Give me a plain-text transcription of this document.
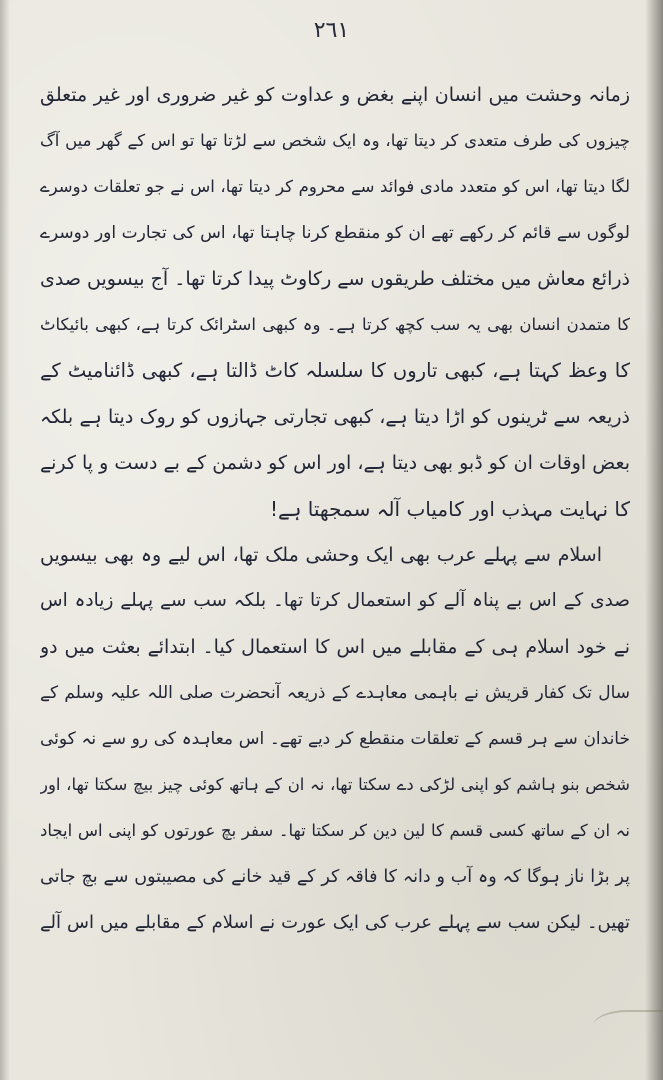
٢٦١
زمانہ وحشت میں انسان اپنے بغض و عداوت کو غیر ضروری اور غیر متعلق
چیزوں کی طرف متعدی کر دیتا تھا، وہ ایک شخص سے لڑتا تھا تو اس کے گھر میں آگ
لگا دیتا تھا، اس کو متعدد مادی فوائد سے محروم کر دیتا تھا، اس نے جو تعلقات دوسرے
لوگوں سے قائم کر رکھے تھے ان کو منقطع کرنا چاہتا تھا، اس کی تجارت اور دوسرے
ذرائع معاش میں مختلف طریقوں سے رکاوٹ پیدا کرتا تھا۔ آج بیسویں صدی
کا متمدن انسان بھی یہ سب کچھ کرتا ہے۔ وہ کبھی اسٹرائک کرتا ہے، کبھی بائیکاٹ
کا وعظ کہتا ہے، کبھی تاروں کا سلسلہ کاٹ ڈالتا ہے، کبھی ڈائنامیٹ کے
ذریعہ سے ٹرینوں کو اڑا دیتا ہے، کبھی تجارتی جہازوں کو روک دیتا ہے بلکہ
بعض اوقات ان کو ڈبو بھی دیتا ہے، اور اس کو دشمن کے بے دست و پا کرنے
کا نہایت مہذب اور کامیاب آلہ سمجھتا ہے!
اسلام سے پہلے عرب بھی ایک وحشی ملک تھا، اس لیے وہ بھی بیسویں
صدی کے اس بے پناہ آلے کو استعمال کرتا تھا۔ بلکہ سب سے پہلے زیادہ اس
نے خود اسلام ہی کے مقابلے میں اس کا استعمال کیا۔ ابتدائے بعثت میں دو
سال تک کفار قریش نے باہمی معاہدے کے ذریعہ آنحضرت صلی اللہ علیہ وسلم کے
خاندان سے ہر قسم کے تعلقات منقطع کر دیے تھے۔ اس معاہدہ کی رو سے نہ کوئی
شخص بنو ہاشم کو اپنی لڑکی دے سکتا تھا، نہ ان کے ہاتھ کوئی چیز بیچ سکتا تھا، اور
نہ ان کے ساتھ کسی قسم کا لین دین کر سکتا تھا۔ سفر بچ عورتوں کو اپنی اس ایجاد
پر بڑا ناز ہوگا کہ وہ آب و دانہ کا فاقہ کر کے قید خانے کی مصیبتوں سے بچ جاتی
تھیں۔ لیکن سب سے پہلے عرب کی ایک عورت نے اسلام کے مقابلے میں اس آلے
